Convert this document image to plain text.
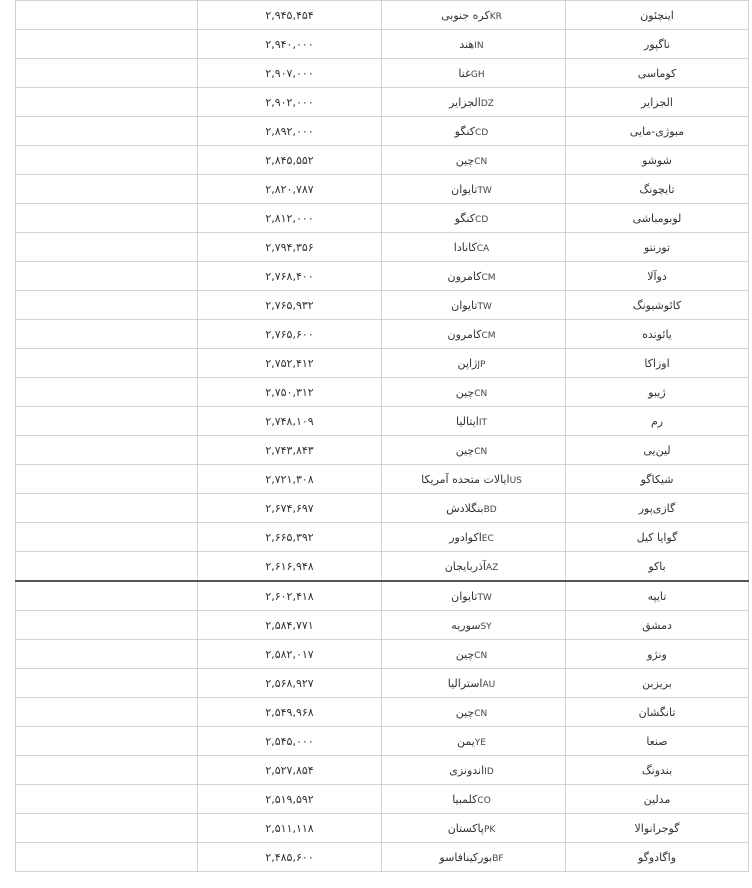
اینچئون	KRکره جنوبی	۲,۹۴۵,۴۵۴	
ناگپور	INهند	۲,۹۴۰,۰۰۰	
کوماسی	GHغنا	۲,۹۰۷,۰۰۰	
الجزایر	DZالجزایر	۲,۹۰۲,۰۰۰	
مبوژی-مایی	CDکنگو	۲,۸۹۲,۰۰۰	
شوشو	CNچین	۲,۸۴۵,۵۵۲	
تایچونگ	TWتایوان	۲,۸۲۰,۷۸۷	
لوبومباشی	CDکنگو	۲,۸۱۲,۰۰۰	
تورنتو	CAکانادا	۲,۷۹۴,۳۵۶	
دوآلا	CMکامرون	۲,۷۶۸,۴۰۰	
کائوشیونگ	TWتایوان	۲,۷۶۵,۹۳۲	
یائونده	CMکامرون	۲,۷۶۵,۶۰۰	
اوزاکا	JPژاپن	۲,۷۵۲,۴۱۲	
ژیبو	CNچین	۲,۷۵۰,۳۱۲	
رم	ITایتالیا	۲,۷۴۸,۱۰۹	
لین‌یی	CNچین	۲,۷۴۳,۸۴۳	
شیکاگو	USایالات متحده آمریکا	۲,۷۲۱,۳۰۸	
گازی‌پور	BDبنگلادش	۲,۶۷۴,۶۹۷	
گوایا کیل	ECاکوادور	۲,۶۶۵,۳۹۲	
باکو	AZآذربایجان	۲,۶۱۶,۹۴۸	
تایپه	TWتایوان	۲,۶۰۲,۴۱۸	
دمشق	SYسوریه	۲,۵۸۴,۷۷۱	
ونژو	CNچین	۲,۵۸۲,۰۱۷	
بریزبن	AUاسترالیا	۲,۵۶۸,۹۲۷	
تانگشان	CNچین	۲,۵۴۹,۹۶۸	
صنعا	YEیمن	۲,۵۴۵,۰۰۰	
بندونگ	IDاندونزی	۲,۵۲۷,۸۵۴	
مدلین	COکلمبیا	۲,۵۱۹,۵۹۲	
گوجرانوالا	PKپاکستان	۲,۵۱۱,۱۱۸	
واگادوگو	BFبورکینافاسو	۲,۴۸۵,۶۰۰	
